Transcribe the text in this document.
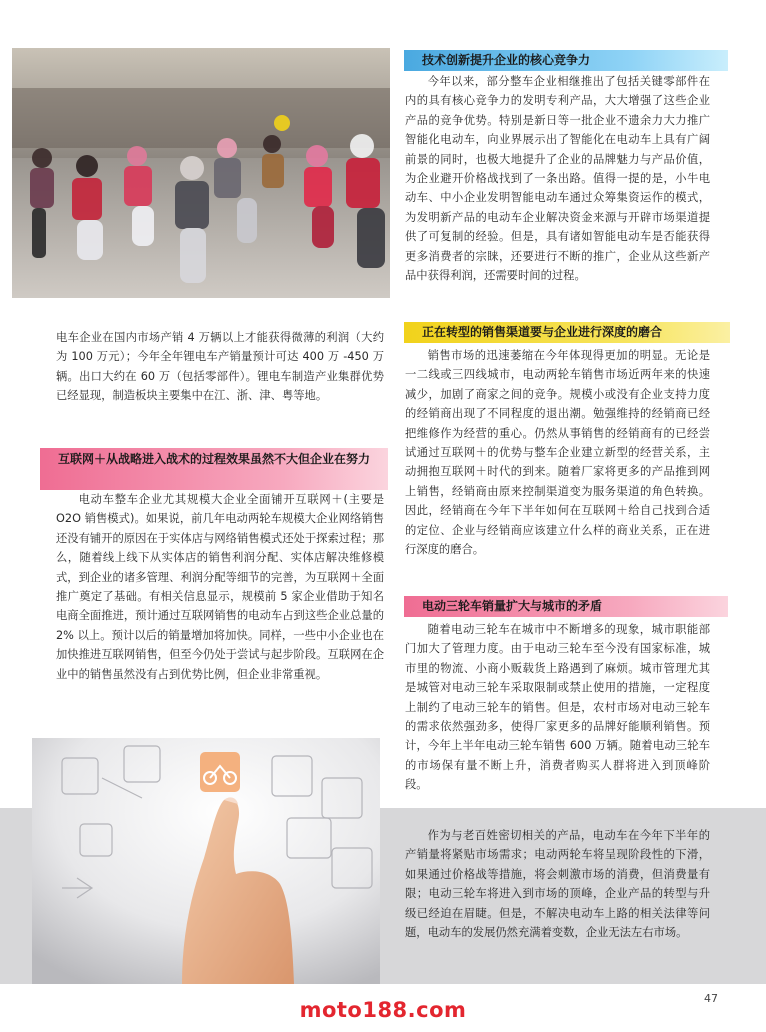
技术创新提升企业的核心竞争力

今年以来，部分整车企业相继推出了包括关键零部件在内的具有核心竞争力的发明专利产品，大大增强了这些企业产品的竞争优势。特别是新日等一批企业不遗余力大力推广智能化电动车，向业界展示出了智能化在电动车上具有广阔前景的同时，也极大地提升了企业的品牌魅力与产品价值，为企业避开价格战找到了一条出路。值得一提的是，小牛电动车、中小企业发明智能电动车通过众筹集资运作的模式，为发明新产品的电动车企业解决资金来源与开辟市场渠道提供了可复制的经验。但是，具有诸如智能电动车是否能获得更多消费者的宗睐，还要进行不断的推广，企业从这些新产品中获得利润，还需要时间的过程。

电车企业在国内市场产销 4 万辆以上才能获得微薄的利润（大约为 100 万元）；今年全年锂电车产销量预计可达 400 万 -450 万辆。出口大约在 60 万（包括零部件）。锂电车制造产业集群优势已经显现，制造板块主要集中在江、浙、津、粤等地。

互联网＋从战略进入战术的过程效果虽然不大但企业在努力

电动车整车企业尤其规模大企业全面铺开互联网＋(主要是 O2O 销售模式)。如果说，前几年电动两轮车规模大企业网络销售还没有铺开的原因在于实体店与网络销售模式还处于探索过程；那么，随着线上线下从实体店的销售利润分配、实体店解决维修模式，到企业的诸多管理、利润分配等细节的完善，为互联网＋全面推广奠定了基础。有相关信息显示，规模前 5 家企业借助于知名电商全面推进，预计通过互联网销售的电动车占到这些企业总量的 2% 以上。预计以后的销量增加将加快。同样，一些中小企业也在加快推进互联网销售，但至今仍处于尝试与起步阶段。互联网在企业中的销售虽然没有占到优势比例，但企业非常重视。

正在转型的销售渠道要与企业进行深度的磨合

销售市场的迅速萎缩在今年体现得更加的明显。无论是一二线或三四线城市，电动两轮车销售市场近两年来的快速减少，加剧了商家之间的竞争。规模小或没有企业支持力度的经销商出现了不同程度的退出潮。勉强维持的经销商已经把维修作为经营的重心。仍然从事销售的经销商有的已经尝试通过互联网＋的优势与整车企业建立新型的经营关系，主动拥抱互联网＋时代的到来。随着厂家将更多的产品推到网上销售，经销商由原来控制渠道变为服务渠道的角色转换。因此，经销商在今年下半年如何在互联网＋给自己找到合适的定位、企业与经销商应该建立什么样的商业关系，正在进行深度的磨合。

电动三轮车销量扩大与城市的矛盾

随着电动三轮车在城市中不断增多的现象，城市职能部门加大了管理力度。由于电动三轮车至今没有国家标准，城市里的物流、小商小贩载货上路遇到了麻烦。城市管理尤其是城管对电动三轮车采取限制或禁止使用的措施，一定程度上制约了电动三轮车的销售。但是，农村市场对电动三轮车的需求依然强劲多，使得厂家更多的品牌好能顺利销售。预计，今年上半年电动三轮车销售 600 万辆。随着电动三轮车的市场保有量不断上升，消费者购买人群将进入到顶峰阶段。

作为与老百姓密切相关的产品，电动车在今年下半年的产销量将紧贴市场需求；电动两轮车将呈现阶段性的下滑，如果通过价格战等措施，将会刺激市场的消费，但消费量有限；电动三轮车将进入到市场的顶峰，企业产品的转型与升级已经迫在眉睫。但是，不解决电动车上路的相关法律等问题，电动车的发展仍然充满着变数，企业无法左右市场。

47
moto188.com
